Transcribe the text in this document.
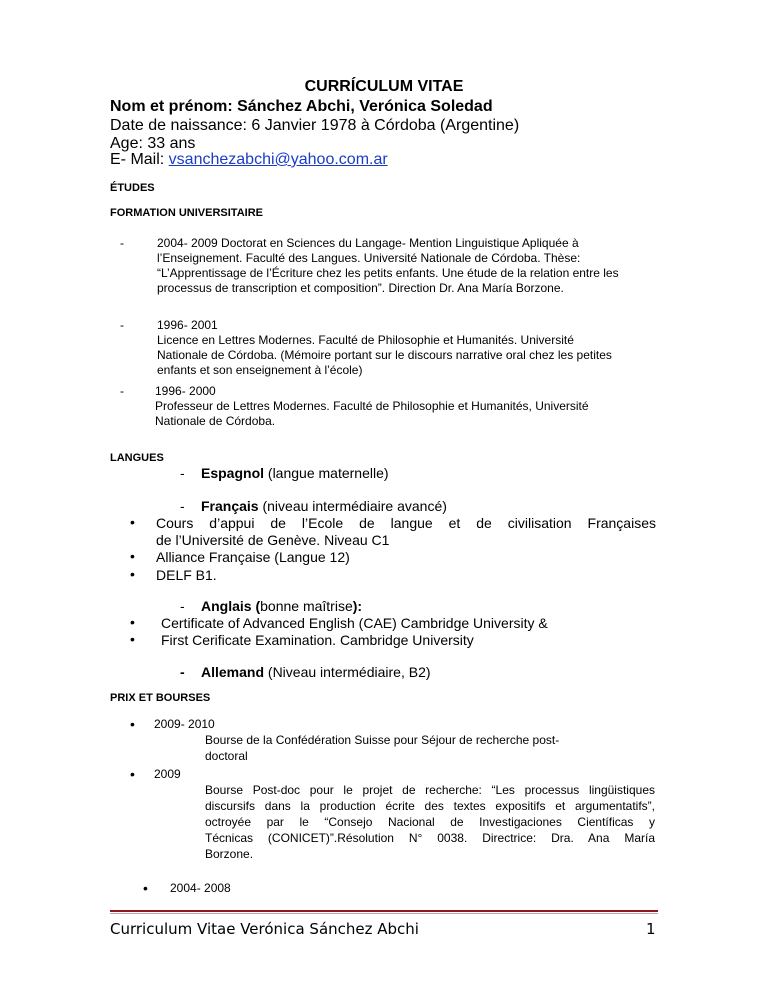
CURRÍCULUM VITAE
Nom et prénom: Sánchez Abchi, Verónica Soledad
Date de naissance: 6 Janvier 1978 à Córdoba (Argentine)
Age: 33 ans
E- Mail: vsanchezabchi@yahoo.com.ar
ÉTUDES
FORMATION UNIVERSITAIRE
-	2004- 2009 Doctorat en Sciences du Langage- Mention Linguistique Apliquée à
l’Enseignement. Faculté des Langues. Université Nationale de Córdoba. Thèse:
“L’Apprentissage de l’Écriture chez les petits enfants. Une étude de la relation entre les
processus de transcription et composition”. Direction Dr. Ana María Borzone.
-	1996- 2001
Licence en Lettres Modernes. Faculté de Philosophie et Humanités. Université
Nationale de Córdoba. (Mémoire portant sur le discours narrative oral chez les petites
enfants et son enseignement à l’école)
-	1996- 2000
Professeur de Lettres Modernes. Faculté de Philosophie et Humanités, Université
Nationale de Córdoba.
LANGUES
- Espagnol (langue maternelle)
- Français (niveau intermédiaire avancé)
• Cours d’appui de l’Ecole de langue et de civilisation Françaises
de l’Université de Genève. Niveau C1
• Alliance Française (Langue 12)
• DELF B1.
- Anglais (bonne maîtrise):
• Certificate of Advanced English (CAE) Cambridge University &
• First Cerificate Examination. Cambridge University
- Allemand (Niveau intermédiaire, B2)
PRIX ET BOURSES
• 2009- 2010
Bourse de la Confédération Suisse pour Séjour de recherche post-
doctoral
• 2009
Bourse Post-doc pour le projet de recherche: “Les processus lingüistiques
discursifs dans la production écrite des textes expositifs et argumentatifs”,
octroyée par le “Consejo Nacional de Investigaciones Científicas y
Técnicas (CONICET)”.Résolution N° 0038. Directrice: Dra. Ana María
Borzone.
• 2004- 2008
Curriculum Vitae Verónica Sánchez Abchi	1
